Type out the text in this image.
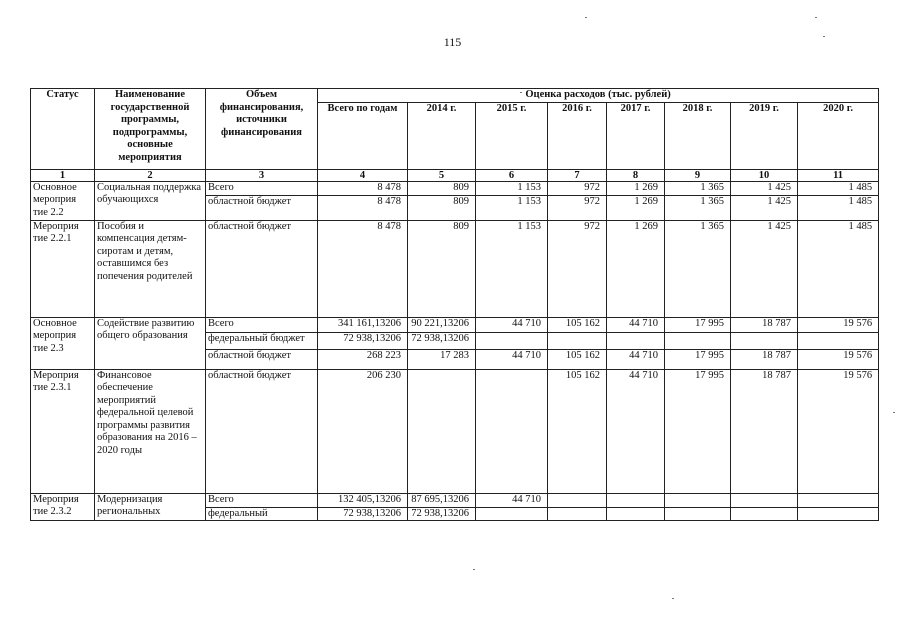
115
Статус	Наименование государственной программы, подпрограммы, основные мероприятия	Объем финансирования, источники финансирования	Оценка расходов (тыс. рублей)							
			Всего по годам	2014 г.	2015 г.	2016 г.	2017 г.	2018 г.	2019 г.	2020 г.
1	2	3	4	5	6	7	8	9	10	11
Основное мероприя тие 2.2	Социальная поддержка обучающихся	Всего	8 478	809	1 153	972	1 269	1 365	1 425	1 485
		областной бюджет	8 478	809	1 153	972	1 269	1 365	1 425	1 485
Мероприя тие 2.2.1	Пособия и компенсация детям-сиротам и детям, оставшимся без попечения родителей	областной бюджет	8 478	809	1 153	972	1 269	1 365	1 425	1 485
Основное мероприя тие 2.3	Содействие развитию общего образования	Всего	341 161,13206	90 221,13206	44 710	105 162	44 710	17 995	18 787	19 576
		федеральный бюджет	72 938,13206	72 938,13206						
		областной бюджет	268 223	17 283	44 710	105 162	44 710	17 995	18 787	19 576
Мероприя тие 2.3.1	Финансовое обеспечение мероприятий федеральной целевой программы развития образования на 2016 – 2020 годы	областной бюджет	206 230			105 162	44 710	17 995	18 787	19 576
Мероприя тие 2.3.2	Модернизация региональных	Всего	132 405,13206	87 695,13206	44 710					
		федеральный	72 938,13206	72 938,13206						
